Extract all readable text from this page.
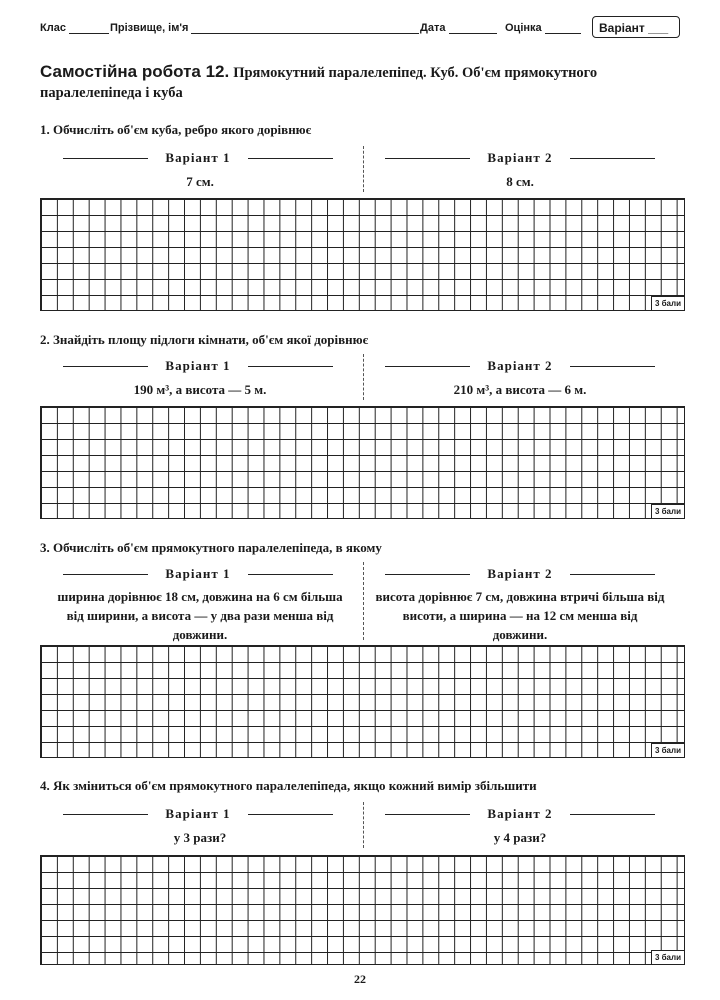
Клас	Прізвище, ім'я	Дата	Оцінка	Варіант ___
Самостійна робота 12. Прямокутний паралелепіпед. Куб. Об'єм прямокутного паралелепіпеда і куба
1. Обчисліть об'єм куба, ребро якого дорівнює
Варіант 1	Варіант 2
7 см.	8 см.
3 бали
2. Знайдіть площу підлоги кімнати, об'єм якої дорівнює
Варіант 1	Варіант 2
190 м³, а висота — 5 м.	210 м³, а висота — 6 м.
3 бали
3. Обчисліть об'єм прямокутного паралелепіпеда, в якому
Варіант 1	Варіант 2
ширина дорівнює 18 см, довжина на 6 см більша від ширини, а висота — у два рази менша від довжини.
висота дорівнює 7 см, довжина втричі більша від висоти, а ширина — на 12 см менша від довжини.
3 бали
4. Як зміниться об'єм прямокутного паралелепіпеда, якщо кожний вимір збільшити
Варіант 1	Варіант 2
у 3 рази?	у 4 рази?
3 бали
22
